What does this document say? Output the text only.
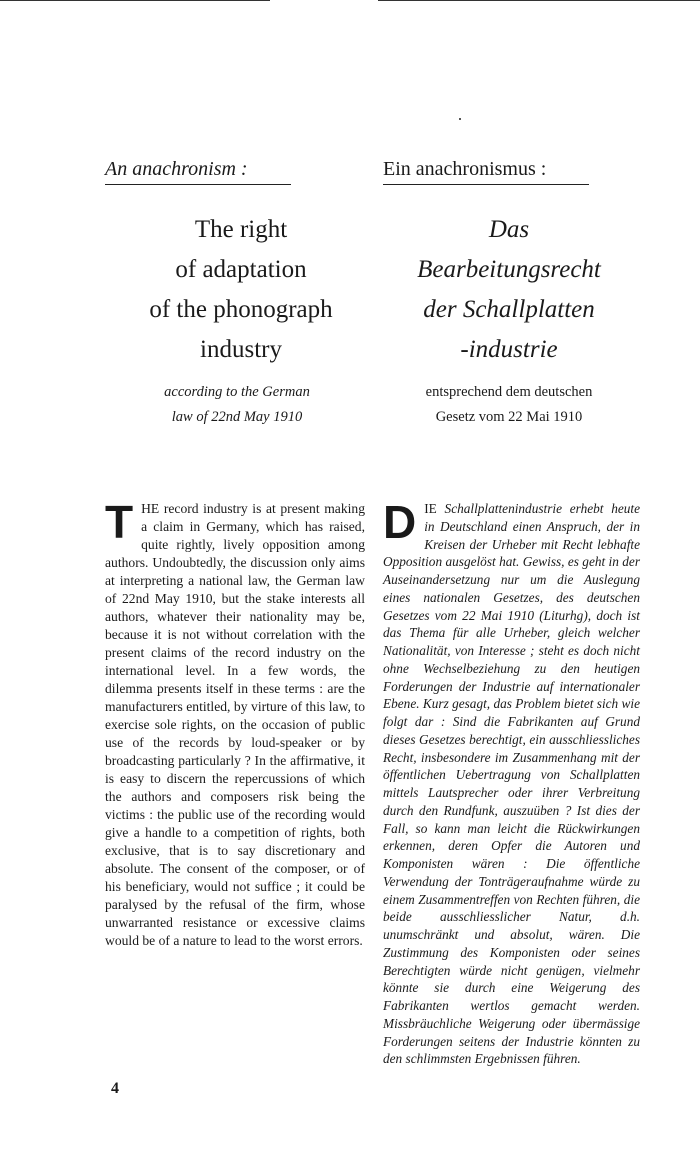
An anachronism :	Ein anachronismus :
The right
of adaptation
of the phonograph
industry
Das
Bearbeitungsrecht
der Schallplatten
-industrie
according to the German
law of 22nd May 1910
entsprechend dem deutschen
Gesetz vom 22 Mai 1910
THE record industry is at present making a claim in Germany, which has raised, quite rightly, lively opposition among authors. Undoubtedly, the discussion only aims at interpreting a national law, the German law of 22nd May 1910, but the stake interests all authors, whatever their nationality may be, because it is not without correlation with the present claims of the record industry on the international level. In a few words, the dilemma presents itself in these terms : are the manufacturers entitled, by virture of this law, to exercise sole rights, on the occasion of public use of the records by loud-speaker or by broadcasting particularly ? In the affirmative, it is easy to discern the repercussions of which the authors and composers risk being the victims : the public use of the recording would give a handle to a competition of rights, both exclusive, that is to say discretionary and absolute. The consent of the composer, or of his beneficiary, would not suffice ; it could be paralysed by the refusal of the firm, whose unwarranted resistance or excessive claims would be of a nature to lead to the worst errors.
DIE Schallplattenindustrie erhebt heute in Deutschland einen Anspruch, der in Kreisen der Urheber mit Recht lebhafte Opposition ausgelöst hat. Gewiss, es geht in der Auseinandersetzung nur um die Auslegung eines nationalen Gesetzes, des deutschen Gesetzes vom 22 Mai 1910 (Liturhg), doch ist das Thema für alle Urheber, gleich welcher Nationalität, von Interesse ; steht es doch nicht ohne Wechselbeziehung zu den heutigen Forderungen der Industrie auf internationaler Ebene. Kurz gesagt, das Problem bietet sich wie folgt dar : Sind die Fabrikanten auf Grund dieses Gesetzes berechtigt, ein ausschliessliches Recht, insbesondere im Zusammenhang mit der öffentlichen Uebertragung von Schallplatten mittels Lautsprecher oder ihrer Verbreitung durch den Rundfunk, auszuüben ? Ist dies der Fall, so kann man leicht die Rückwirkungen erkennen, deren Opfer die Autoren und Komponisten wären : Die öffentliche Verwendung der Tonträgeraufnahme würde zu einem Zusammentreffen von Rechten führen, die beide ausschliesslicher Natur, d.h. unumschränkt und absolut, wären. Die Zustimmung des Komponisten oder seines Berechtigten würde nicht genügen, vielmehr könnte sie durch eine Weigerung des Fabrikanten wertlos gemacht werden. Missbräuchliche Weigerung oder übermässige Forderungen seitens der Industrie könnten zu den schlimmsten Ergebnissen führen.
4
